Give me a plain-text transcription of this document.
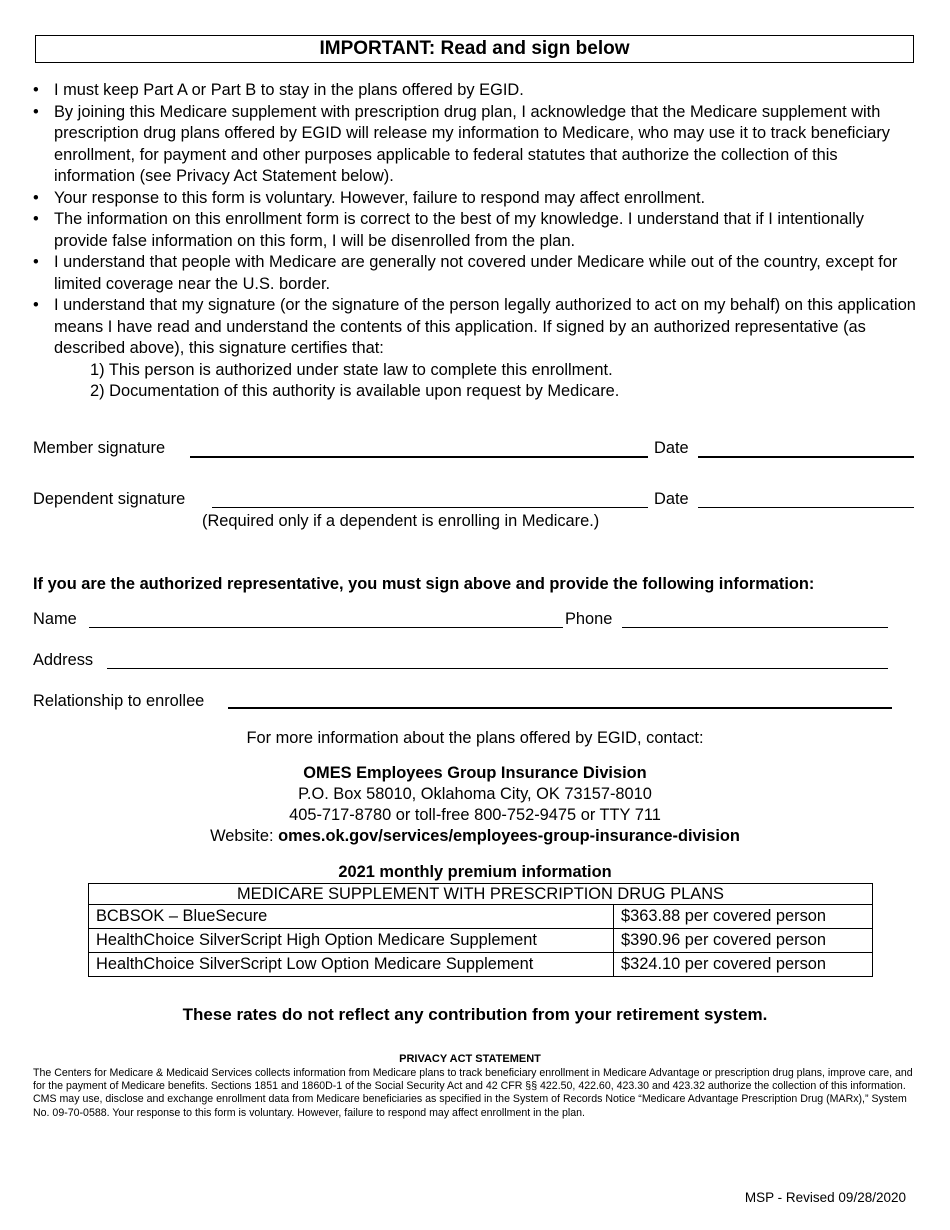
IMPORTANT: Read and sign below
• I must keep Part A or Part B to stay in the plans offered by EGID.
• By joining this Medicare supplement with prescription drug plan, I acknowledge that the Medicare supplement with prescription drug plans offered by EGID will release my information to Medicare, who may use it to track beneficiary enrollment, for payment and other purposes applicable to federal statutes that authorize the collection of this information (see Privacy Act Statement below).
• Your response to this form is voluntary. However, failure to respond may affect enrollment.
• The information on this enrollment form is correct to the best of my knowledge. I understand that if I intentionally provide false information on this form, I will be disenrolled from the plan.
• I understand that people with Medicare are generally not covered under Medicare while out of the country, except for limited coverage near the U.S. border.
• I understand that my signature (or the signature of the person legally authorized to act on my behalf) on this application means I have read and understand the contents of this application. If signed by an authorized representative (as described above), this signature certifies that:
1) This person is authorized under state law to complete this enrollment.
2) Documentation of this authority is available upon request by Medicare.
Member signature	Date
Dependent signature	Date
(Required only if a dependent is enrolling in Medicare.)
If you are the authorized representative, you must sign above and provide the following information:
Name	Phone
Address
Relationship to enrollee
For more information about the plans offered by EGID, contact:
OMES Employees Group Insurance Division
P.O. Box 58010, Oklahoma City, OK 73157-8010
405-717-8780 or toll-free 800-752-9475 or TTY 711
Website: omes.ok.gov/services/employees-group-insurance-division
2021 monthly premium information
MEDICARE SUPPLEMENT WITH PRESCRIPTION DRUG PLANS	
BCBSOK – BlueSecure	$363.88 per covered person
HealthChoice SilverScript High Option Medicare Supplement	$390.96 per covered person
HealthChoice SilverScript Low Option Medicare Supplement	$324.10 per covered person
These rates do not reflect any contribution from your retirement system.
PRIVACY ACT STATEMENT
The Centers for Medicare & Medicaid Services collects information from Medicare plans to track beneficiary enrollment in Medicare Advantage or prescription drug plans, improve care, and for the payment of Medicare benefits. Sections 1851 and 1860D-1 of the Social Security Act and 42 CFR §§ 422.50, 422.60, 423.30 and 423.32 authorize the collection of this information. CMS may use, disclose and exchange enrollment data from Medicare beneficiaries as specified in the System of Records Notice “Medicare Advantage Prescription Drug (MARx),” System No. 09-70-0588. Your response to this form is voluntary. However, failure to respond may affect enrollment in the plan.
MSP - Revised 09/28/2020
